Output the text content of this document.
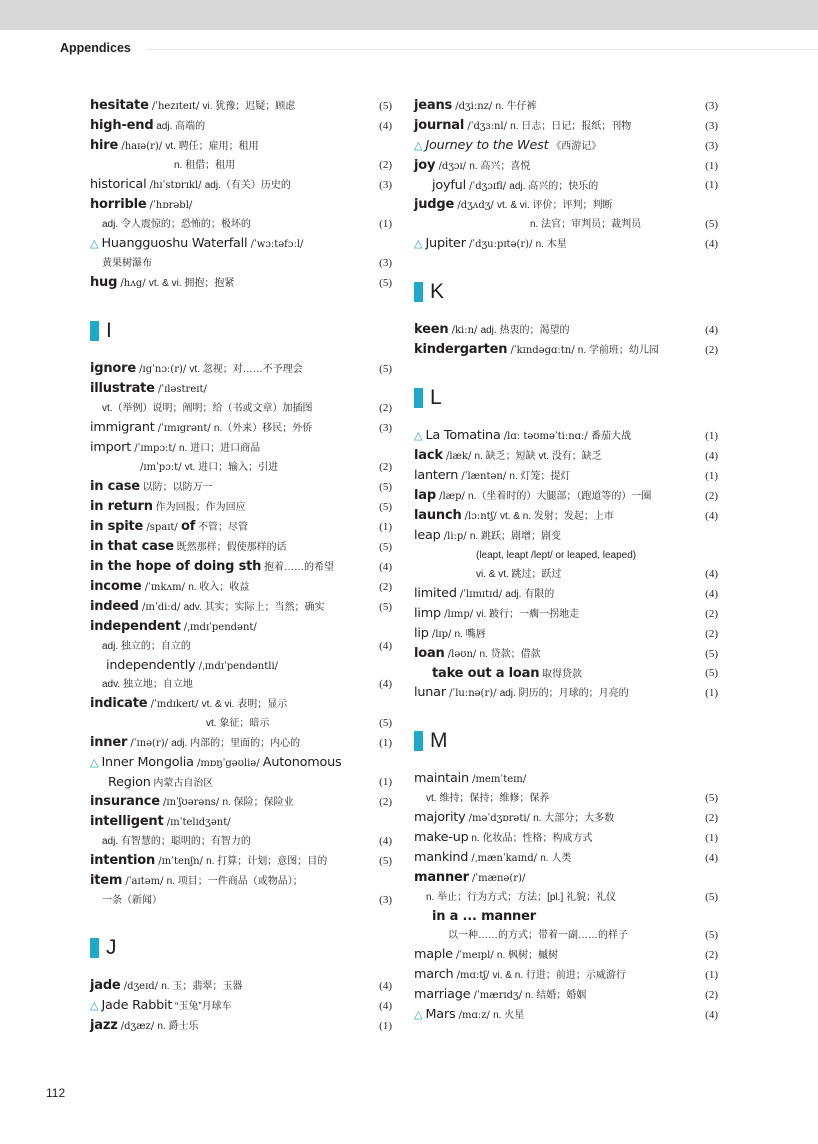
Appendices
hesitate /ˈhezɪteɪt/ vi. 犹豫；迟疑；顾虑	(5)
high-end adj. 高端的	(4)
hire /haɪə(r)/ vt. 聘任；雇用；租用
n. 租借；租用	(2)
historical /hɪˈstɒrɪkl/ adj.（有关）历史的	(3)
horrible /ˈhɒrəbl/
adj. 令人震惊的；恐怖的；极坏的	(1)
△ Huangguoshu Waterfall /ˈwɔːtəfɔːl/
黄果树瀑布	(3)
hug /hʌg/ vt. & vi. 拥抱；抱紧	(5)
I
ignore /ɪgˈnɔː(r)/ vt. 忽视；对……不予理会	(5)
illustrate /ˈɪləstreɪt/
vt.（举例）说明；阐明；给（书或文章）加插图	(2)
immigrant /ˈɪmɪgrənt/ n.（外来）移民；外侨	(3)
import /ˈɪmpɔːt/ n. 进口；进口商品
/ɪmˈpɔːt/ vt. 进口；输入；引进	(2)
in case 以防；以防万一	(5)
in return 作为回报；作为回应	(5)
in spite /spaɪt/ of 不管；尽管	(1)
in that case 既然那样；假使那样的话	(5)
in the hope of doing sth 抱着……的希望	(4)
income /ˈɪnkʌm/ n. 收入；收益	(2)
indeed /ɪnˈdiːd/ adv. 其实；实际上；当然；确实	(5)
independent /ˌɪndɪˈpendənt/
adj. 独立的；自立的	(4)
independently /ˌɪndɪˈpendəntli/
adv. 独立地；自立地	(4)
indicate /ˈɪndɪkeɪt/ vt. & vi. 表明；显示
vt. 象征；暗示	(5)
inner /ˈɪnə(r)/ adj. 内部的；里面的；内心的	(1)
△ Inner Mongolia /mɒŋˈgəʊliə/ Autonomous
Region 内蒙古自治区	(1)
insurance /ɪnˈʃʊərəns/ n. 保险；保险业	(2)
intelligent /ɪnˈtelɪdʒənt/
adj. 有智慧的；聪明的；有智力的	(4)
intention /ɪnˈtenʃn/ n. 打算；计划；意图；目的	(5)
item /ˈaɪtəm/ n. 项目；一件商品（或物品）；
一条（新闻）	(3)
J
jade /dʒeɪd/ n. 玉；翡翠；玉器	(4)
△ Jade Rabbit “玉兔”月球车	(4)
jazz /dʒæz/ n. 爵士乐	(1)
jeans /dʒiːnz/ n. 牛仔裤	(3)
journal /ˈdʒɜːnl/ n. 日志；日记；报纸；刊物	(3)
△ Journey to the West 《西游记》	(3)
joy /dʒɔɪ/ n. 高兴；喜悦	(1)
joyful /ˈdʒɔɪfl/ adj. 高兴的；快乐的	(1)
judge /dʒʌdʒ/ vt. & vi. 评价；评判；判断
n. 法官；审判员；裁判员	(5)
△ Jupiter /ˈdʒuːpɪtə(r)/ n. 木星	(4)
K
keen /kiːn/ adj. 热衷的；渴望的	(4)
kindergarten /ˈkɪndəgɑːtn/ n. 学前班；幼儿园	(2)
L
△ La Tomatina /lɑː təʊməˈtiːnɑː/ 番茄大战	(1)
lack /læk/ n. 缺乏；短缺 vt. 没有；缺乏	(4)
lantern /ˈlæntən/ n. 灯笼；提灯	(1)
lap /læp/ n.（坐着时的）大腿部；（跑道等的）一圈	(2)
launch /lɔːntʃ/ vt. & n. 发射；发起；上市	(4)
leap /liːp/ n. 跳跃；剧增；剧变
(leapt, leapt /lept/ or leaped, leaped)
vi. & vt. 跳过；跃过	(4)
limited /ˈlɪmɪtɪd/ adj. 有限的	(4)
limp /lɪmp/ vi. 跛行；一瘸一拐地走	(2)
lip /lɪp/ n. 嘴唇	(2)
loan /ləʊn/ n. 贷款；借款	(5)
take out a loan 取得贷款	(5)
lunar /ˈluːnə(r)/ adj. 阴历的；月球的；月亮的	(1)
M
maintain /meɪnˈteɪn/
vt. 维持；保持；维修；保养	(5)
majority /məˈdʒɒrəti/ n. 大部分；大多数	(2)
make-up n. 化妆品；性格；构成方式	(1)
mankind /ˌmænˈkaɪnd/ n. 人类	(4)
manner /ˈmænə(r)/
n. 举止；行为方式；方法；[pl.] 礼貌；礼仪	(5)
in a ... manner
以一种……的方式；带着一副……的样子	(5)
maple /ˈmeɪpl/ n. 枫树；槭树	(2)
march /mɑːtʃ/ vi. & n. 行进；前进；示威游行	(1)
marriage /ˈmærɪdʒ/ n. 结婚；婚姻	(2)
△ Mars /mɑːz/ n. 火星	(4)
112
